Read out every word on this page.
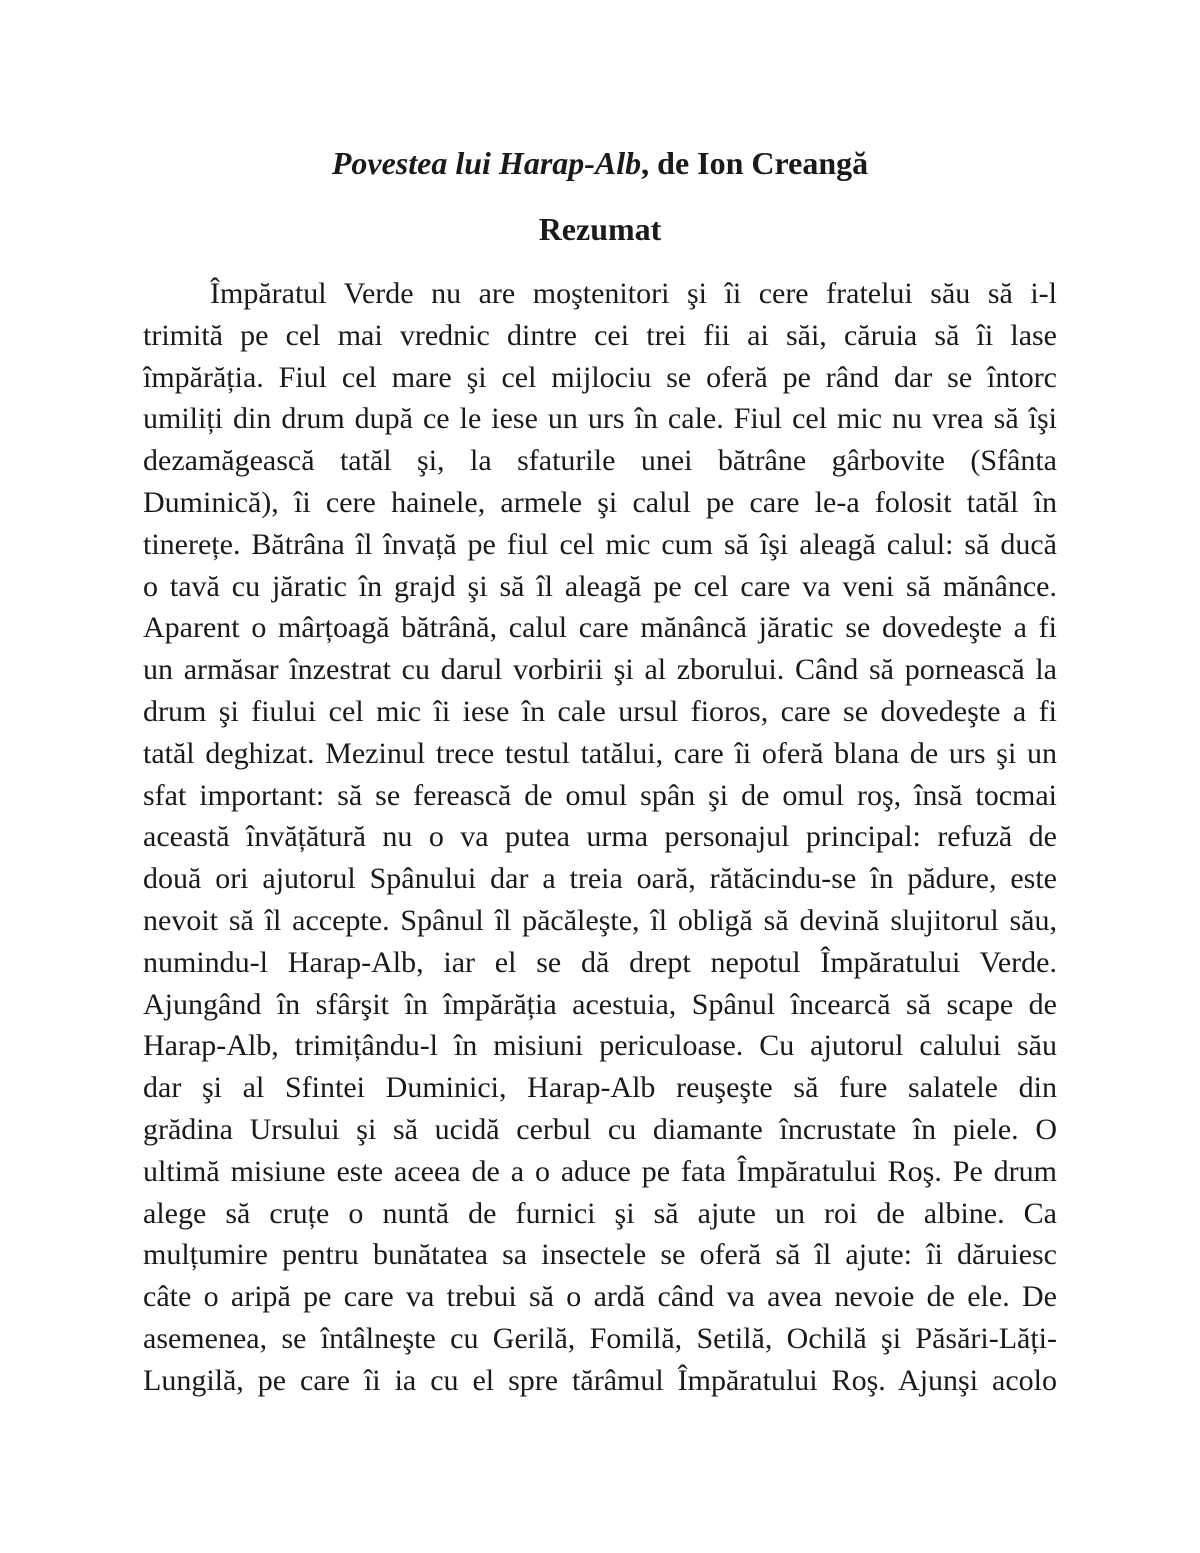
Povestea lui Harap-Alb, de Ion Creangă
Rezumat
Împăratul Verde nu are moştenitori şi îi cere fratelui său să i-l
trimită pe cel mai vrednic dintre cei trei fii ai săi, căruia să îi lase
împărăția. Fiul cel mare şi cel mijlociu se oferă pe rând dar se întorc
umiliți din drum după ce le iese un urs în cale. Fiul cel mic nu vrea să îşi
dezamăgească tatăl şi, la sfaturile unei bătrâne gârbovite (Sfânta
Duminică), îi cere hainele, armele şi calul pe care le-a folosit tatăl în
tinerețe. Bătrâna îl învață pe fiul cel mic cum să îşi aleagă calul: să ducă
o tavă cu jăratic în grajd şi să îl aleagă pe cel care va veni să mănânce.
Aparent o mârțoagă bătrână, calul care mănâncă jăratic se dovedeşte a fi
un armăsar înzestrat cu darul vorbirii şi al zborului. Când să pornească la
drum şi fiului cel mic îi iese în cale ursul fioros, care se dovedeşte a fi
tatăl deghizat. Mezinul trece testul tatălui, care îi oferă blana de urs şi un
sfat important: să se ferească de omul spân şi de omul roş, însă tocmai
această învățătură nu o va putea urma personajul principal: refuză de
două ori ajutorul Spânului dar a treia oară, rătăcindu-se în pădure, este
nevoit să îl accepte. Spânul îl păcăleşte, îl obligă să devină slujitorul său,
numindu-l Harap-Alb, iar el se dă drept nepotul Împăratului Verde.
Ajungând în sfârşit în împărăția acestuia, Spânul încearcă să scape de
Harap-Alb, trimițându-l în misiuni periculoase. Cu ajutorul calului său
dar şi al Sfintei Duminici, Harap-Alb reuşeşte să fure salatele din
grădina Ursului şi să ucidă cerbul cu diamante încrustate în piele. O
ultimă misiune este aceea de a o aduce pe fata Împăratului Roş. Pe drum
alege să cruțe o nuntă de furnici şi să ajute un roi de albine. Ca
mulțumire pentru bunătatea sa insectele se oferă să îl ajute: îi dăruiesc
câte o aripă pe care va trebui să o ardă când va avea nevoie de ele. De
asemenea, se întâlneşte cu Gerilă, Fomilă, Setilă, Ochilă şi Păsări-Lăți-
Lungilă, pe care îi ia cu el spre tărâmul Împăratului Roş. Ajunşi acolo
